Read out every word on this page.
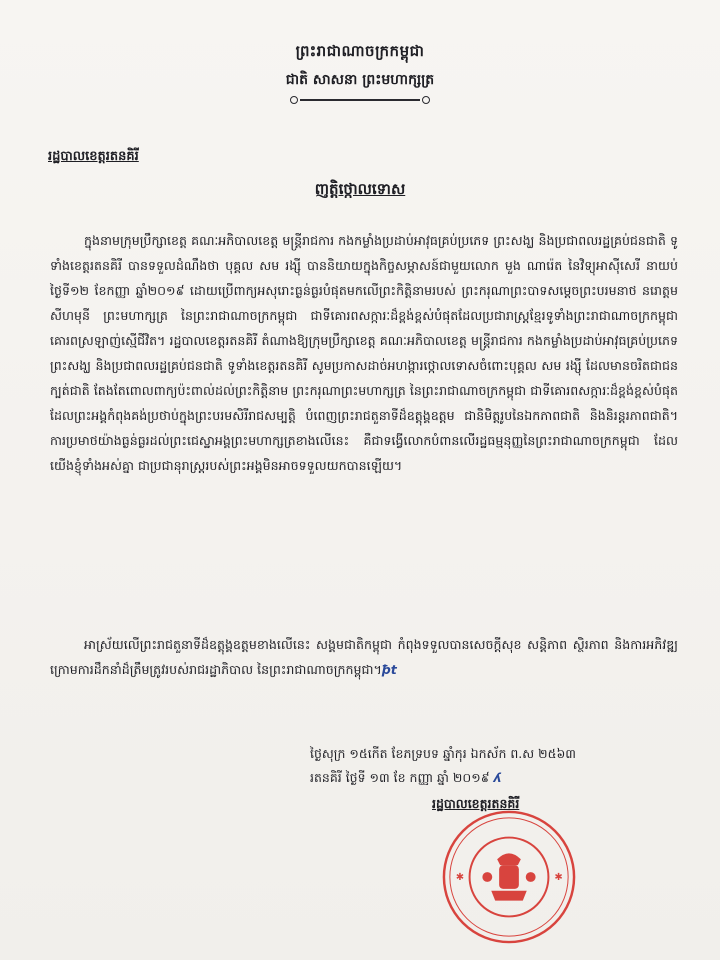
ព្រះរាជាណាចក្រកម្ពុជា
ជាតិ សាសនា ព្រះមហាក្សត្រ
រដ្ឋបាលខេត្តរតនគិរី
ញត្តិថ្កោលទោស
ក្នុងនាមក្រុមប្រឹក្សាខេត្ត គណៈអភិបាលខេត្ត មន្ត្រីរាជការ កងកម្លាំងប្រដាប់អាវុធគ្រប់ប្រភេទ ព្រះសង្ឃ និងប្រជាពលរដ្ឋគ្រប់ជនជាតិ ទូទាំងខេត្តរតនគិរី បានទទួលដំណឹងថា បុគ្គល សម រង្ស៊ី បាននិយាយក្នុងកិច្ចសម្ភាសន៍ជាមួយលោក មួង ណារ៉េត នៃវិទ្យុអាស៊ីសេរី នាយប់ថ្ងៃទី១២ ខែកញ្ញា ឆ្នាំ២០១៩ ដោយប្រើពាក្យអសុរោះធ្ងន់ធ្ងរបំផុតមកលើព្រះកិត្តិនាមរបស់ ព្រះករុណាព្រះបាទសម្តេចព្រះបរមនាថ នរោត្តម សីហមុនី ព្រះមហាក្សត្រ នៃព្រះរាជាណាចក្រកម្ពុជា ជាទីគោរពសក្ការៈដ៏ខ្ពង់ខ្ពស់បំផុតដែលប្រជារាស្ត្រខ្មែរទូទាំងព្រះរាជាណាចក្រកម្ពុជា គោរពស្រឡាញ់ស្មើជីវិត។ រដ្ឋបាលខេត្តរតនគិរី តំណាងឱ្យក្រុមប្រឹក្សាខេត្ត គណៈអភិបាលខេត្ត មន្ត្រីរាជការ កងកម្លាំងប្រដាប់អាវុធគ្រប់ប្រភេទ ព្រះសង្ឃ និងប្រជាពលរដ្ឋគ្រប់ជនជាតិ ទូទាំងខេត្តរតនគិរី សូមប្រកាសដាច់អហង្ការថ្កោលទោសចំពោះបុគ្គល សម រង្ស៊ី ដែលមានចរិតជាជនក្បត់ជាតិ តែងតែពោលពាក្យប៉ះពាល់ដល់ព្រះកិត្តិនាម ព្រះករុណាព្រះមហាក្សត្រ នៃព្រះរាជាណាចក្រកម្ពុជា ជាទីគោរពសក្ការៈដ៏ខ្ពង់ខ្ពស់បំផុត ដែលព្រះអង្គកំពុងគង់ប្រថាប់ក្នុងព្រះបរមសិរីរាជសម្បត្តិ បំពេញព្រះរាជតួនាទីដ៏ឧត្តុង្គឧត្តម ជានិមិត្តរូបនៃឯកភាពជាតិ និងនិរន្តរភាពជាតិ។ ការប្រមាថយ៉ាងធ្ងន់ធ្ងរដល់ព្រះជេស្ឋាអង្គព្រះមហាក្សត្រខាងលើនេះ គឺជាទង្វើលោកបំពានលើរដ្ឋធម្មនុញ្ញនៃព្រះរាជាណាចក្រកម្ពុជា ដែលយើងខ្ញុំទាំងអស់គ្នា ជាប្រជានុរាស្ត្ររបស់ព្រះអង្គមិនអាចទទួលយកបានឡើយ។
អាស្រ័យលើព្រះរាជតួនាទីដ៏ឧត្តុង្គឧត្តមខាងលើនេះ សង្គមជាតិកម្ពុជា កំពុងទទួលបានសេចក្តីសុខ សន្តិភាព ស្ថិរភាព និងការអភិវឌ្ឍ ក្រោមការដឹកនាំដ៏ត្រឹមត្រូវរបស់រាជរដ្ឋាភិបាល នៃព្រះរាជាណាចក្រកម្ពុជា។ꝥt
ថ្ងៃសុក្រ ១៥កើត ខែភទ្របទ ឆ្នាំកុរ ឯកស័ក ព.ស ២៥៦៣
រតនគិរី ថ្ងៃទី ១៣ ខែ កញ្ញា ឆ្នាំ ២០១៩ ʎ
✱	✱
រដ្ឋបាលខេត្តរតនគិរី
